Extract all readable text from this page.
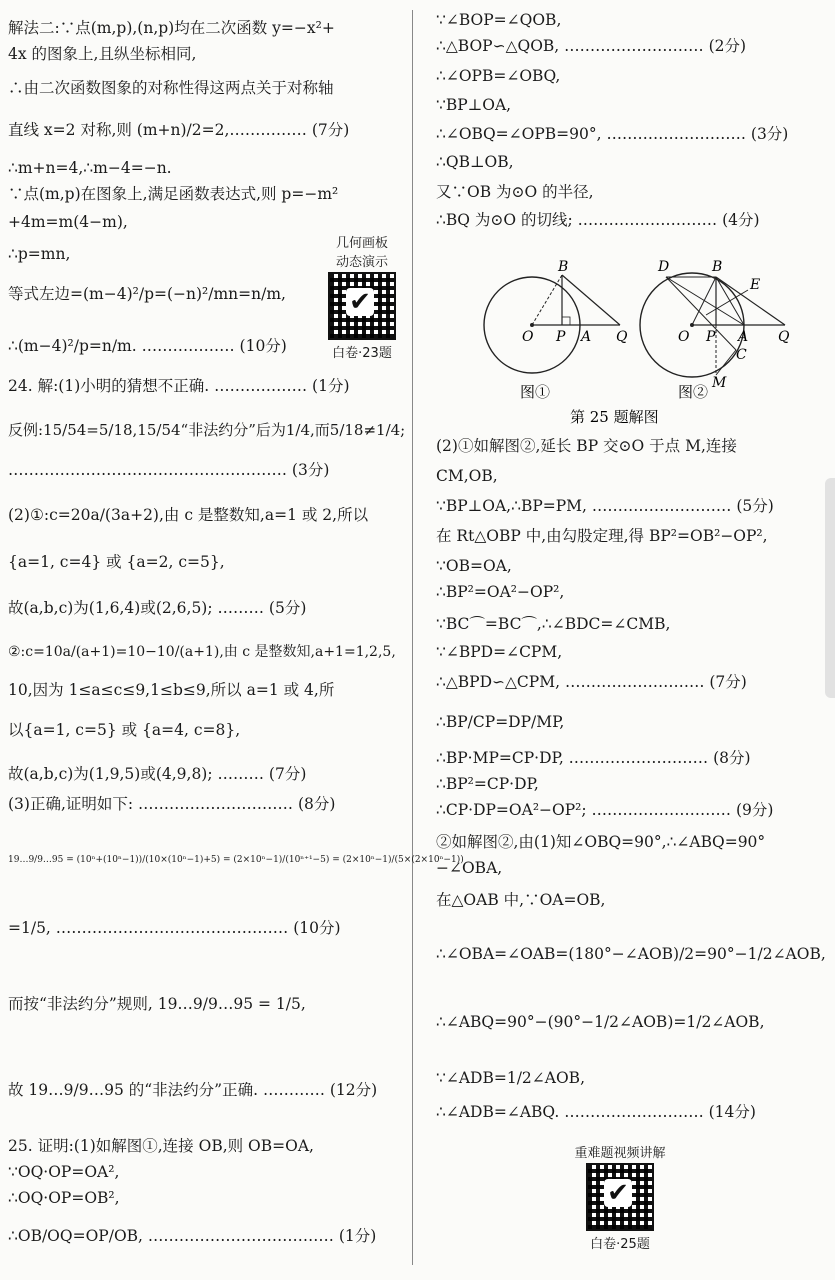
解法二:∵点(m,p),(n,p)均在二次函数 y=−x²+
4x 的图象上,且纵坐标相同,
∴由二次函数图象的对称性得这两点关于对称轴
直线 x=2 对称,则 (m+n)/2=2,…………… (7分)
∴m+n=4,∴m−4=−n.
∵点(m,p)在图象上,满足函数表达式,则 p=−m²
+4m=m(4−m),
∴p=mn,
等式左边=(m−4)²/p=(−n)²/mn=n/m,
∴(m−4)²/p=n/m. ……………… (10分)
24. 解:(1)小明的猜想不正确. ……………… (1分)
反例:15/54=5/18,15/54“非法约分”后为1/4,而5/18≠1/4;
……………………………………………… (3分)
(2)①:c=20a/(3a+2),由 c 是整数知,a=1 或 2,所以
{a=1, c=4} 或 {a=2, c=5},
故(a,b,c)为(1,6,4)或(2,6,5); ……… (5分)
②:c=10a/(a+1)=10−10/(a+1),由 c 是整数知,a+1=1,2,5,
10,因为 1≤a≤c≤9,1≤b≤9,所以 a=1 或 4,所
以{a=1, c=5} 或 {a=4, c=8},
故(a,b,c)为(1,9,5)或(4,9,8); ……… (7分)
(3)正确,证明如下: ………………………… (8分)
19…9/9…95 = (10ⁿ+(10ⁿ−1))/(10×(10ⁿ−1)+5) = (2×10ⁿ−1)/(10ⁿ⁺¹−5) = (2×10ⁿ−1)/(5×(2×10ⁿ−1))
=1/5, ……………………………………… (10分)
而按“非法约分”规则, 19…9/9…95 = 1/5,
故 19…9/9…95 的“非法约分”正确. ………… (12分)
25. 证明:(1)如解图①,连接 OB,则 OB=OA,
∵OQ·OP=OA²,
∴OQ·OP=OB²,
∴OB/OQ=OP/OB, ……………………………… (1分)
∵∠BOP=∠QOB,
∴△BOP∽△QOB, ……………………… (2分)
∴∠OPB=∠OBQ,
∵BP⊥OA,
∴∠OBQ=∠OPB=90°, ……………………… (3分)
∴QB⊥OB,
又∵OB 为⊙O 的半径,
∴BQ 为⊙O 的切线; ……………………… (4分)
(2)①如解图②,延长 BP 交⊙O 于点 M,连接
CM,OB,
∵BP⊥OA,∴BP=PM, ……………………… (5分)
在 Rt△OBP 中,由勾股定理,得 BP²=OB²−OP²,
∵OB=OA,
∴BP²=OA²−OP²,
∵BC⌒=BC⌒,∴∠BDC=∠CMB,
∵∠BPD=∠CPM,
∴△BPD∽△CPM, ……………………… (7分)
∴BP/CP=DP/MP,
∴BP·MP=CP·DP, ……………………… (8分)
∴BP²=CP·DP,
∴CP·DP=OA²−OP²; ……………………… (9分)
②如解图②,由(1)知∠OBQ=90°,∴∠ABQ=90°
−∠OBA,
在△OAB 中,∵OA=OB,
∴∠OBA=∠OAB=(180°−∠AOB)/2=90°−1/2∠AOB,
∴∠ABQ=90°−(90°−1/2∠AOB)=1/2∠AOB,
∵∠ADB=1/2∠AOB,
∴∠ADB=∠ABQ. ……………………… (14分)
几何画板
动态演示
✔
白卷·23题
重难题视频讲解
✔
白卷·25题
B
O P A Q
D	B
E
O P A
C
M
Q
图①	图②
第 25 题解图
